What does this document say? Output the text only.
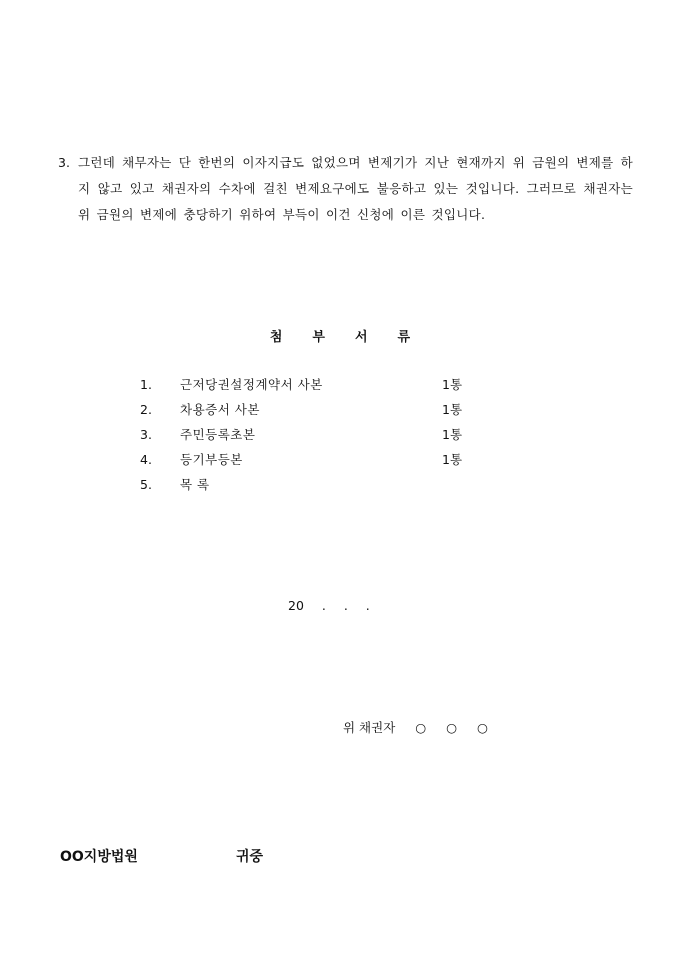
3. 그런데 채무자는 단 한번의 이자지급도 없었으며 변제기가 지난 현재까지 위 금원의 변제를 하지 않고 있고 채권자의 수차에 걸친 변제요구에도 불응하고 있는 것입니다. 그러므로 채권자는 위 금원의 변제에 충당하기 위하여 부득이 이건 신청에 이른 것입니다.
첨부서류
1.	근저당권설정계약서 사본	1통
2.	차용증서 사본	1통
3.	주민등록초본	1통
4.	등기부등본	1통
5.	목 록
20 . . .
위 채권자 ○ ○ ○
OO지방법원	귀중
